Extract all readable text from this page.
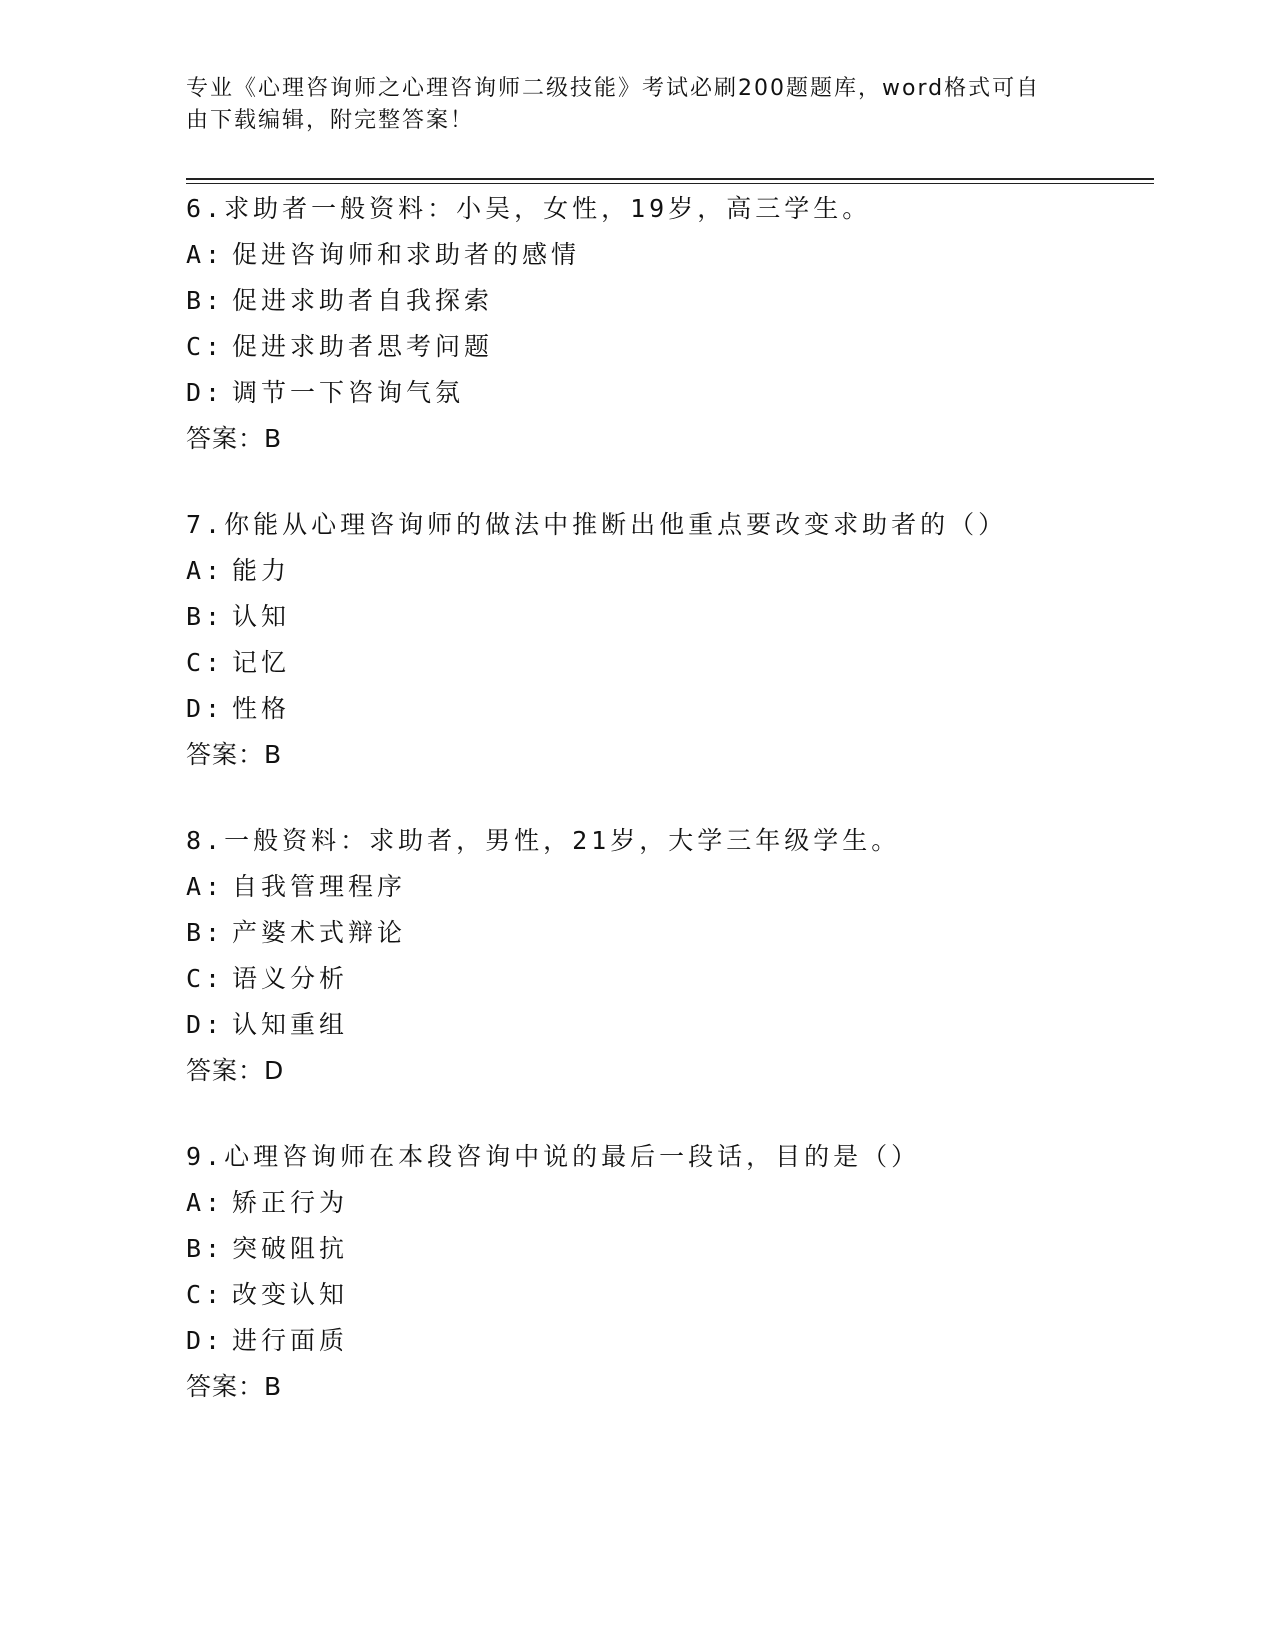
专业《心理咨询师之心理咨询师二级技能》考试必刷200题题库，word格式可自
由下载编辑，附完整答案！
6.求助者一般资料：小吴，女性，19岁，高三学生。
A: 促进咨询师和求助者的感情
B: 促进求助者自我探索
C: 促进求助者思考问题
D: 调节一下咨询气氛
答案：B
7.你能从心理咨询师的做法中推断出他重点要改变求助者的（）
A: 能力
B: 认知
C: 记忆
D: 性格
答案：B
8.一般资料：求助者，男性，21岁，大学三年级学生。
A: 自我管理程序
B: 产婆术式辩论
C: 语义分析
D: 认知重组
答案：D
9.心理咨询师在本段咨询中说的最后一段话，目的是（）
A: 矫正行为
B: 突破阻抗
C: 改变认知
D: 进行面质
答案：B
